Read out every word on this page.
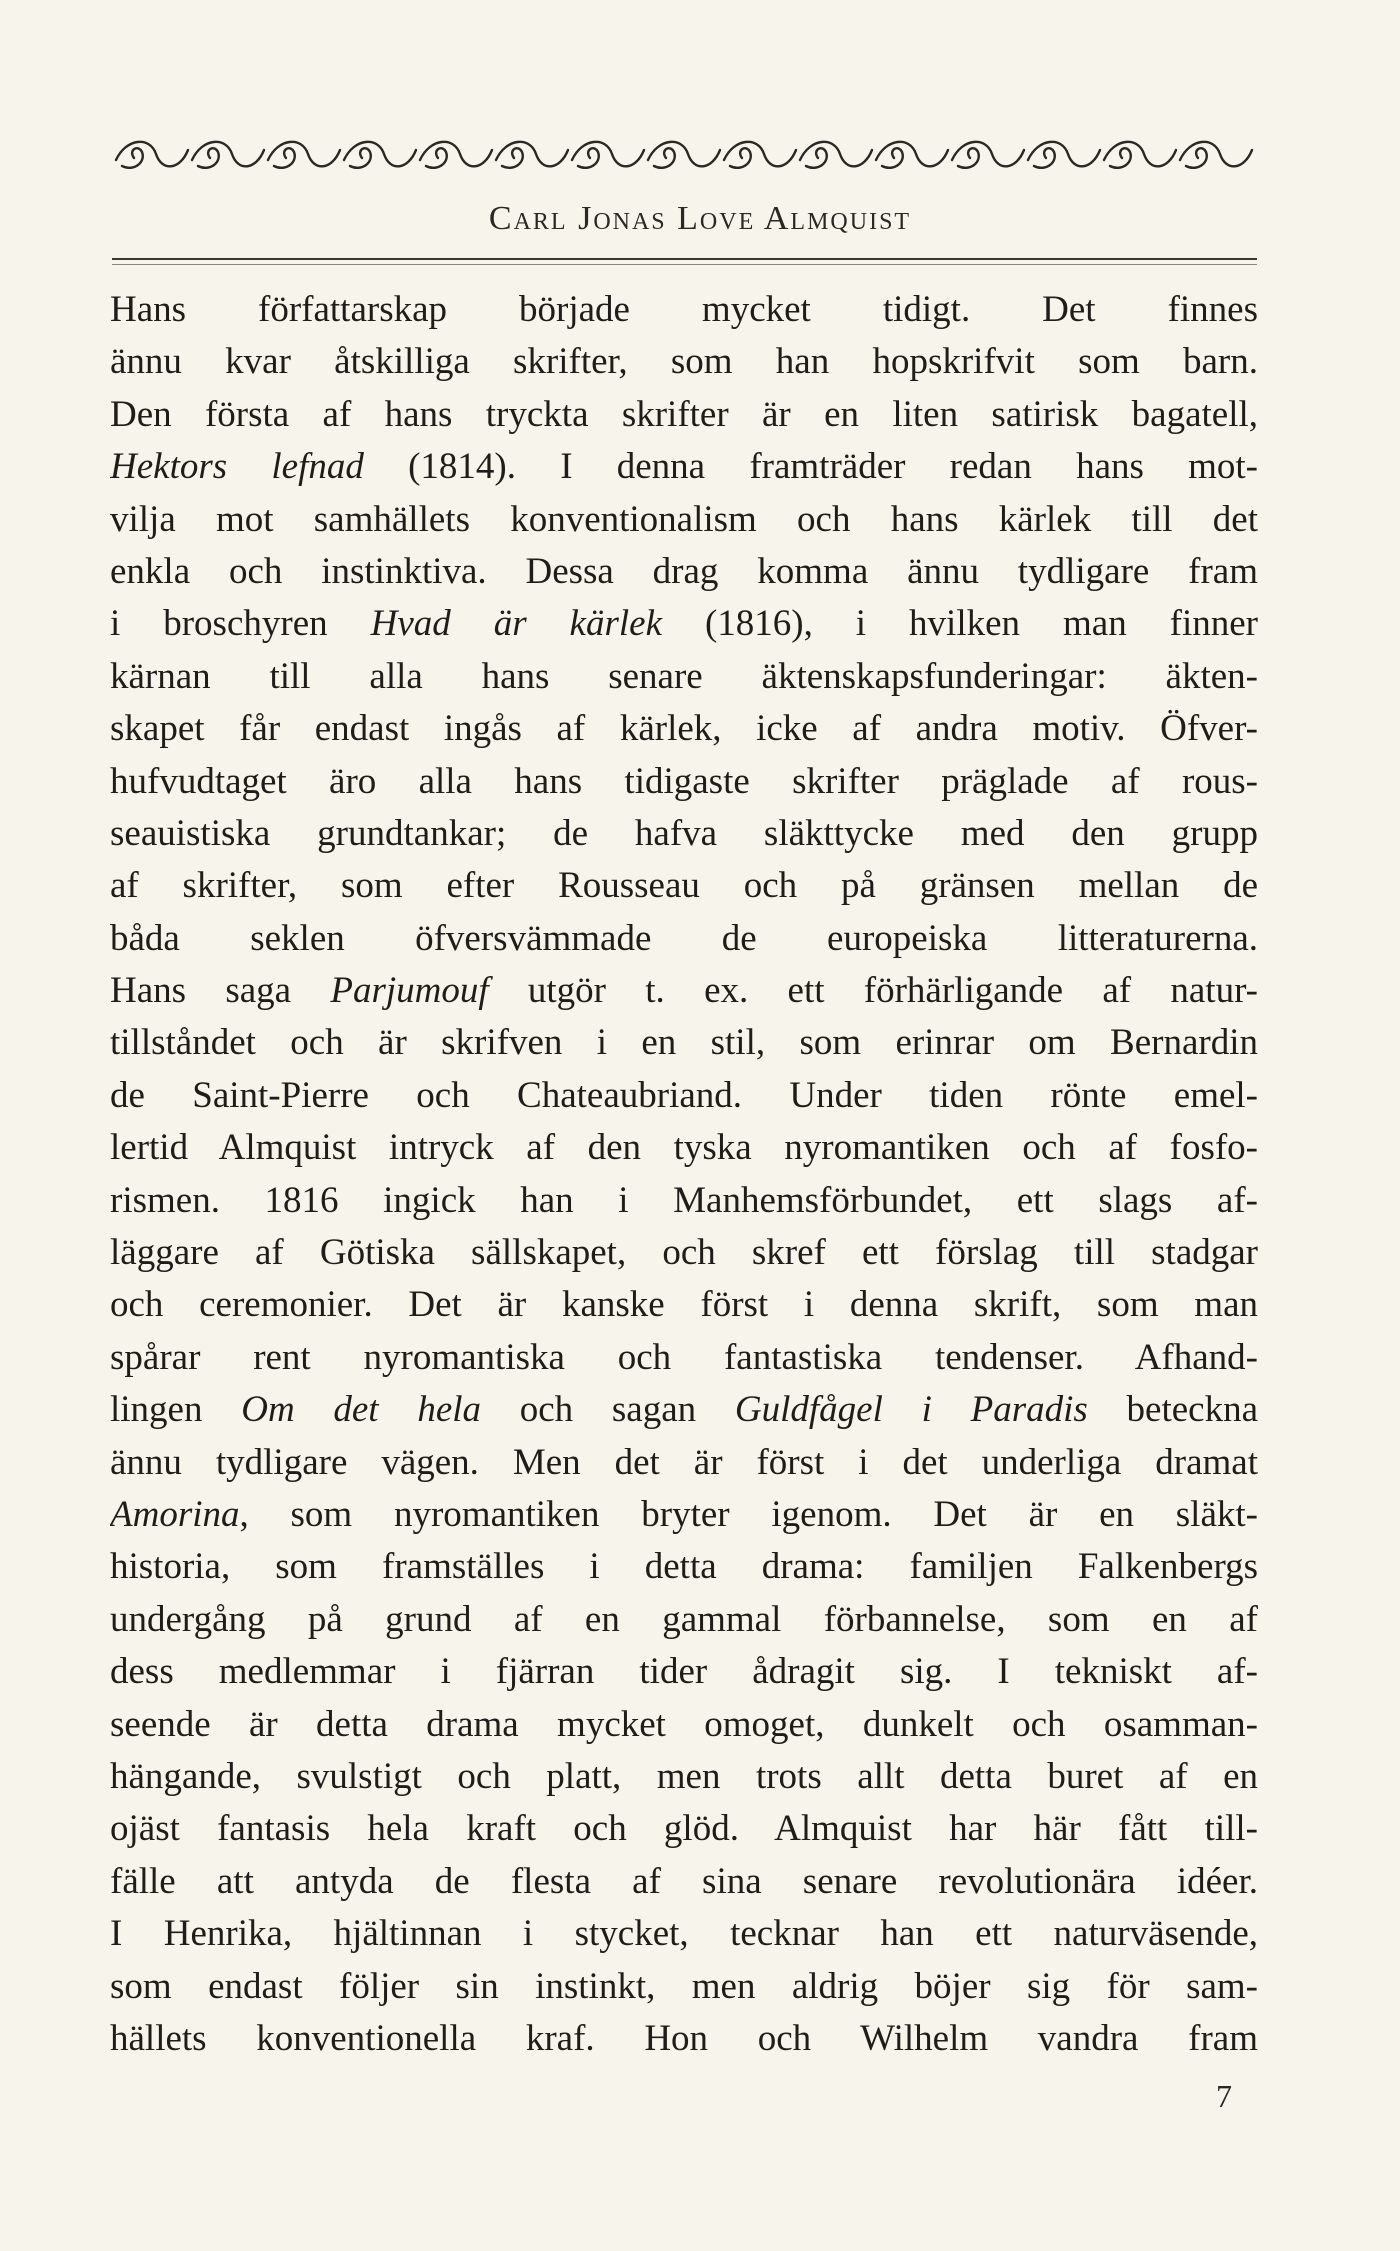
Carl Jonas Love Almquist
Hans författarskap började mycket tidigt. Det finnes
ännu kvar åtskilliga skrifter, som han hopskrifvit som barn.
Den första af hans tryckta skrifter är en liten satirisk bagatell,
Hektors lefnad (1814). I denna framträder redan hans mot-
vilja mot samhällets konventionalism och hans kärlek till det
enkla och instinktiva. Dessa drag komma ännu tydligare fram
i broschyren Hvad är kärlek (1816), i hvilken man finner
kärnan till alla hans senare äktenskapsfunderingar: äkten-
skapet får endast ingås af kärlek, icke af andra motiv. Öfver-
hufvudtaget äro alla hans tidigaste skrifter präglade af rous-
seauistiska grundtankar; de hafva släkttycke med den grupp
af skrifter, som efter Rousseau och på gränsen mellan de
båda seklen öfversvämmade de europeiska litteraturerna.
Hans saga Parjumouf utgör t. ex. ett förhärligande af natur-
tillståndet och är skrifven i en stil, som erinrar om Bernardin
de Saint-Pierre och Chateaubriand. Under tiden rönte emel-
lertid Almquist intryck af den tyska nyromantiken och af fosfo-
rismen. 1816 ingick han i Manhemsförbundet, ett slags af-
läggare af Götiska sällskapet, och skref ett förslag till stadgar
och ceremonier. Det är kanske först i denna skrift, som man
spårar rent nyromantiska och fantastiska tendenser. Afhand-
lingen Om det hela och sagan Guldfågel i Paradis beteckna
ännu tydligare vägen. Men det är först i det underliga dramat
Amorina, som nyromantiken bryter igenom. Det är en släkt-
historia, som framställes i detta drama: familjen Falkenbergs
undergång på grund af en gammal förbannelse, som en af
dess medlemmar i fjärran tider ådragit sig. I tekniskt af-
seende är detta drama mycket omoget, dunkelt och osamman-
hängande, svulstigt och platt, men trots allt detta buret af en
ojäst fantasis hela kraft och glöd. Almquist har här fått till-
fälle att antyda de flesta af sina senare revolutionära idéer.
I Henrika, hjältinnan i stycket, tecknar han ett naturväsende,
som endast följer sin instinkt, men aldrig böjer sig för sam-
hällets konventionella kraf. Hon och Wilhelm vandra fram
7
